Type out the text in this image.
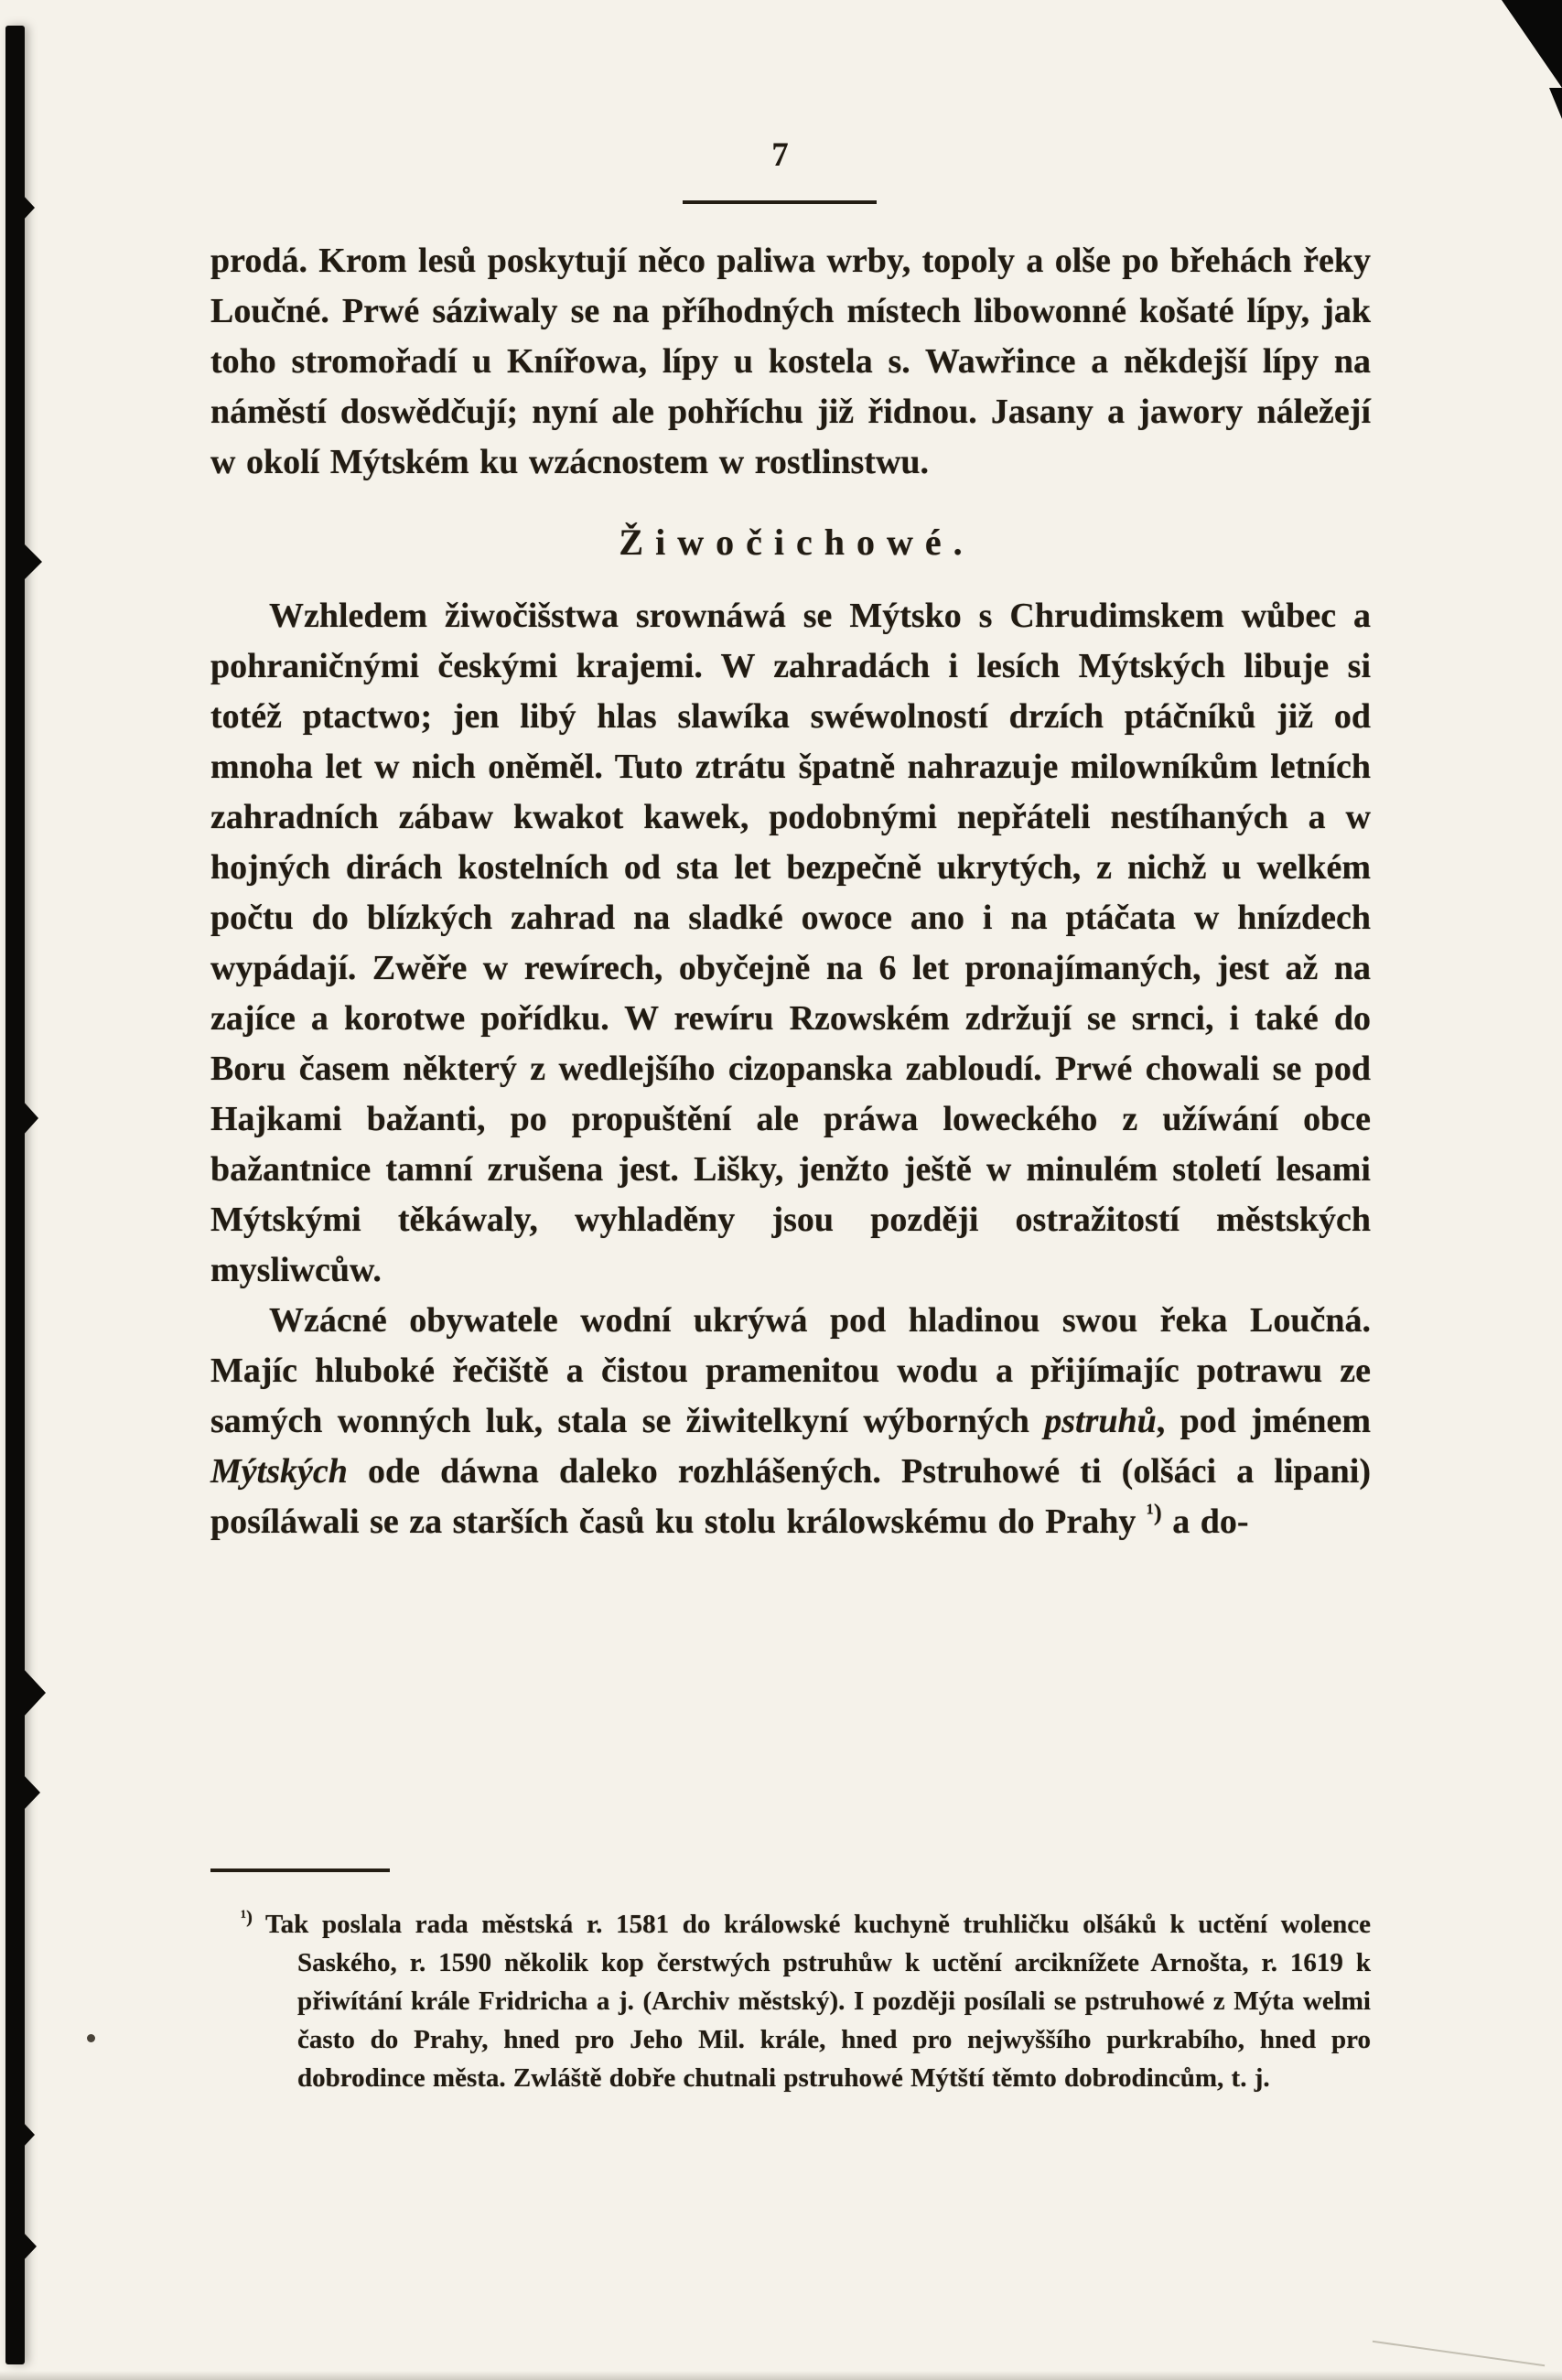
7

prodá. Krom lesů poskytují něco paliwa wrby, topoly a olše po břehách řeky Loučné. Prwé sáziwaly se na příhodných místech libowonné košaté lípy, jak toho stromořadí u Knířowa, lípy u kostela s. Wawřince a někdejší lípy na náměstí doswědčují; nyní ale pohříchu již řidnou. Jasany a jawory náležejí w okolí Mýtském ku wzácnostem w rostlinstwu.

Žiwočichowé.

Wzhledem žiwočišstwa srownáwá se Mýtsko s Chrudimskem wůbec a pohraničnými českými krajemi. W zahradách i lesích Mýtských libuje si totéž ptactwo; jen libý hlas slawíka swéwolností drzích ptáčníků již od mnoha let w nich oněměl. Tuto ztrátu špatně nahrazuje milowníkům letních zahradních zábaw kwakot kawek, podobnými nepřáteli nestíhaných a w hojných dirách kostelních od sta let bezpečně ukrytých, z nichž u welkém počtu do blízkých zahrad na sladké owoce ano i na ptáčata w hnízdech wypádají. Zwěře w rewírech, obyčejně na 6 let pronajímaných, jest až na zajíce a korotwe pořídku. W rewíru Rzowském zdržují se srnci, i také do Boru časem některý z wedlejšího cizopanska zabloudí. Prwé chowali se pod Hajkami bažanti, po propuštění ale práwa loweckého z užíwání obce bažantnice tamní zrušena jest. Lišky, jenžto ještě w minulém století lesami Mýtskými těkáwaly, wyhladěny jsou později ostražitostí městských mysliwcůw.

Wzácné obywatele wodní ukrýwá pod hladinou swou řeka Loučná. Majíc hluboké řečiště a čistou pramenitou wodu a přijímajíc potrawu ze samých wonných luk, stala se žiwitelkyní wýborných pstruhů, pod jménem Mýtských ode dáwna daleko rozhlášených. Pstruhowé ti (olšáci a lipani) posíláwali se za starších časů ku stolu králowskému do Prahy $^{^1)}$ a do-

$^{^1)}$ Tak poslala rada městská r. 1581 do králowské kuchyně truhličku olšáků k uctění wolence Saského, r. 1590 několik kop čerstwých pstruhůw k uctění arciknížete Arnošta, r. 1619 k přiwítání krále Fridricha a j. (Archiv městský). I později posílali se pstruhowé z Mýta welmi často do Prahy, hned pro Jeho Mil. krále, hned pro nejwyššího purkrabího, hned pro dobrodince města. Zwláště dobře chutnali pstruhowé Mýtští těmto dobrodincům, t. j.
